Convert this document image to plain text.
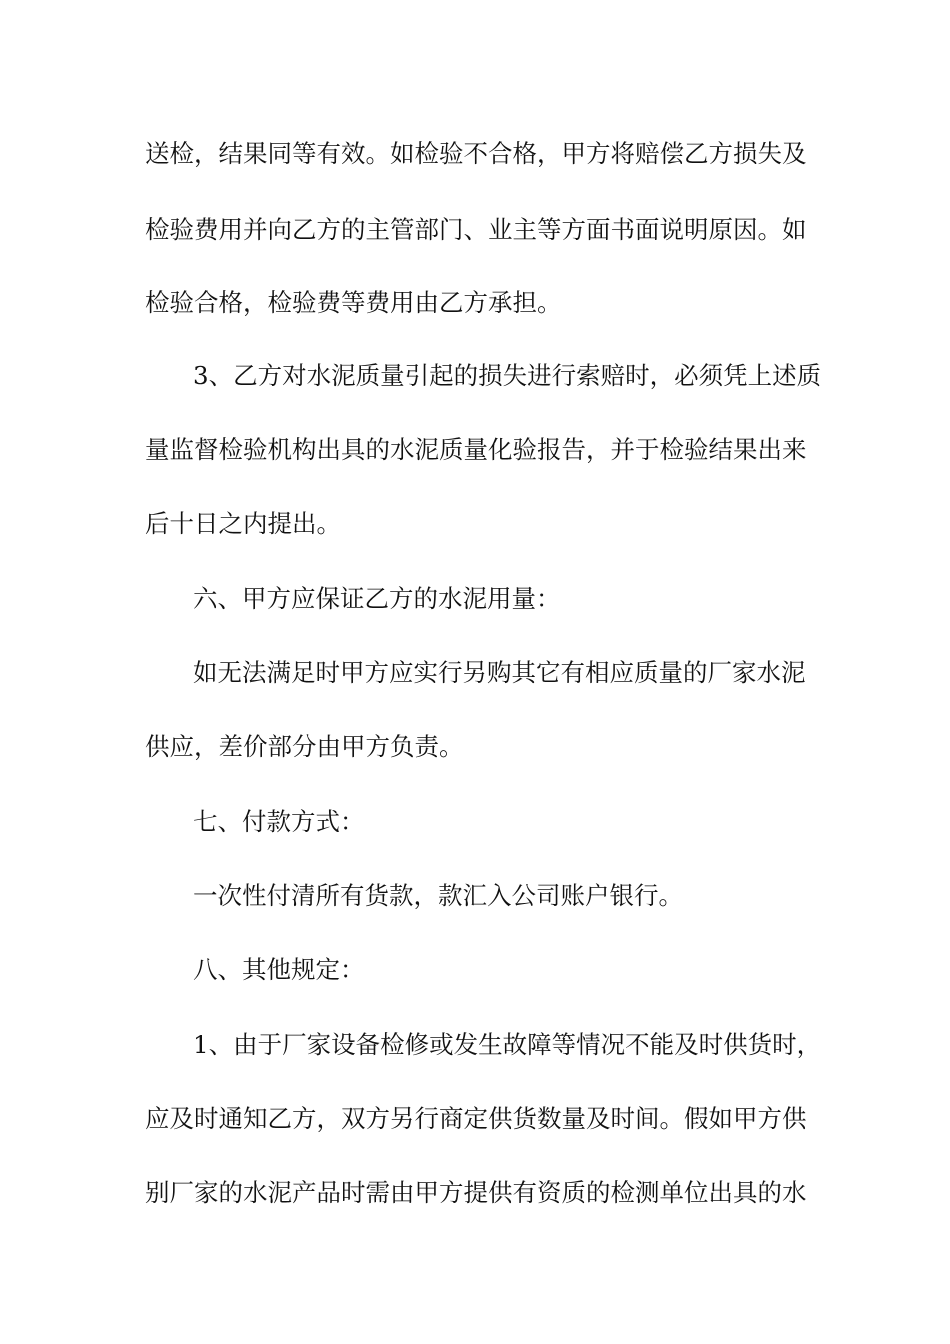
送 检 ， 结 果 同 等 有 效 。 如 检 验 不 合 格 ， 甲 方 将 赔 偿 乙 方 损 失 及
检 验 费 用 并 向 乙 方 的 主 管 部 门 、 业 主 等 方 面 书 面 说 明 原 因 。 如
检验合格，检验费等费用由乙方承担。
3 、 乙 方 对 水 泥 质 量 引 起 的 损 失 进 行 索 赔 时 ， 必 须 凭 上 述 质
量 监 督 检 验 机 构 出 具 的 水 泥 质 量 化 验 报 告 ， 并 于 检 验 结 果 出 来
后十日之内提出。
六、甲方应保证乙方的水泥用量：
如 无 法 满 足 时 甲 方 应 实 行 另 购 其 它 有 相 应 质 量 的 厂 家 水 泥
供应，差价部分由甲方负责。
七、付款方式：
一次性付清所有货款，款汇入公司账户银行。
八、其他规定：
1 、 由 于 厂 家 设 备 检 修 或 发 生 故 障 等 情 况 不 能 及 时 供 货 时 ，
应 及 时 通 知 乙 方 ， 双 方 另 行 商 定 供 货 数 量 及 时 间 。 假 如 甲 方 供
别 厂 家 的 水 泥 产 品 时 需 由 甲 方 提 供 有 资 质 的 检 测 单 位 出 具 的 水
